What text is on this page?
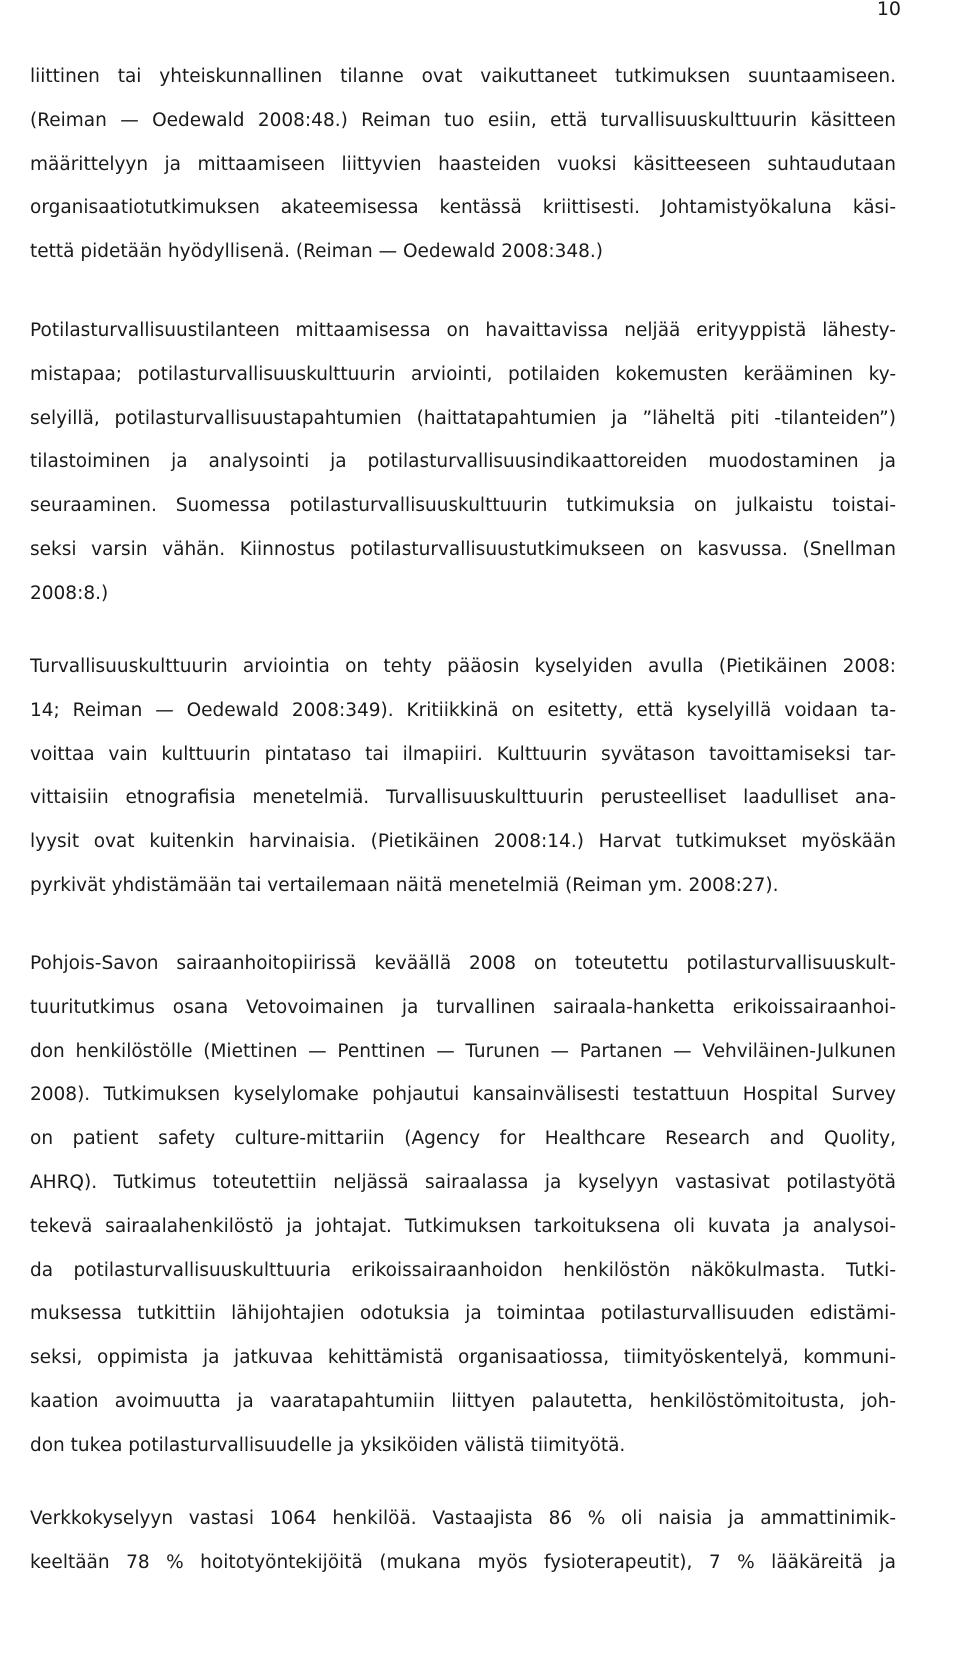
10
liittinen tai yhteiskunnallinen tilanne ovat vaikuttaneet tutkimuksen suuntaamiseen.
(Reiman — Oedewald 2008:48.) Reiman tuo esiin, että turvallisuuskulttuurin käsitteen
määrittelyyn ja mittaamiseen liittyvien haasteiden vuoksi käsitteeseen suhtaudutaan
organisaatiotutkimuksen akateemisessa kentässä kriittisesti. Johtamistyökaluna käsi-
tettä pidetään hyödyllisenä. (Reiman — Oedewald 2008:348.)
Potilasturvallisuustilanteen mittaamisessa on havaittavissa neljää erityyppistä lähesty-
mistapaa; potilasturvallisuuskulttuurin arviointi, potilaiden kokemusten kerääminen ky-
selyillä, potilasturvallisuustapahtumien (haittatapahtumien ja ”läheltä piti -tilanteiden”)
tilastoiminen ja analysointi ja potilasturvallisuusindikaattoreiden muodostaminen ja
seuraaminen. Suomessa potilasturvallisuuskulttuurin tutkimuksia on julkaistu toistai-
seksi varsin vähän. Kiinnostus potilasturvallisuustutkimukseen on kasvussa. (Snellman
2008:8.)
Turvallisuuskulttuurin arviointia on tehty pääosin kyselyiden avulla (Pietikäinen 2008:
14; Reiman — Oedewald 2008:349). Kritiikkinä on esitetty, että kyselyillä voidaan ta-
voittaa vain kulttuurin pintataso tai ilmapiiri. Kulttuurin syvätason tavoittamiseksi tar-
vittaisiin etnografisia menetelmiä. Turvallisuuskulttuurin perusteelliset laadulliset ana-
lyysit ovat kuitenkin harvinaisia. (Pietikäinen 2008:14.) Harvat tutkimukset myöskään
pyrkivät yhdistämään tai vertailemaan näitä menetelmiä (Reiman ym. 2008:27).
Pohjois-Savon sairaanhoitopiirissä keväällä 2008 on toteutettu potilasturvallisuuskult-
tuuritutkimus osana Vetovoimainen ja turvallinen sairaala-hanketta erikoissairaanhoi-
don henkilöstölle (Miettinen — Penttinen — Turunen — Partanen — Vehviläinen-Julkunen
2008). Tutkimuksen kyselylomake pohjautui kansainvälisesti testattuun Hospital Survey
on patient safety culture-mittariin (Agency for Healthcare Research and Quolity,
AHRQ). Tutkimus toteutettiin neljässä sairaalassa ja kyselyyn vastasivat potilastyötä
tekevä sairaalahenkilöstö ja johtajat. Tutkimuksen tarkoituksena oli kuvata ja analysoi-
da potilasturvallisuuskulttuuria erikoissairaanhoidon henkilöstön näkökulmasta. Tutki-
muksessa tutkittiin lähijohtajien odotuksia ja toimintaa potilasturvallisuuden edistämi-
seksi, oppimista ja jatkuvaa kehittämistä organisaatiossa, tiimityöskentelyä, kommuni-
kaation avoimuutta ja vaaratapahtumiin liittyen palautetta, henkilöstömitoitusta, joh-
don tukea potilasturvallisuudelle ja yksiköiden välistä tiimityötä.
Verkkokyselyyn vastasi 1064 henkilöä. Vastaajista 86 % oli naisia ja ammattinimik-
keeltään 78 % hoitotyöntekijöitä (mukana myös fysioterapeutit), 7 % lääkäreitä ja
